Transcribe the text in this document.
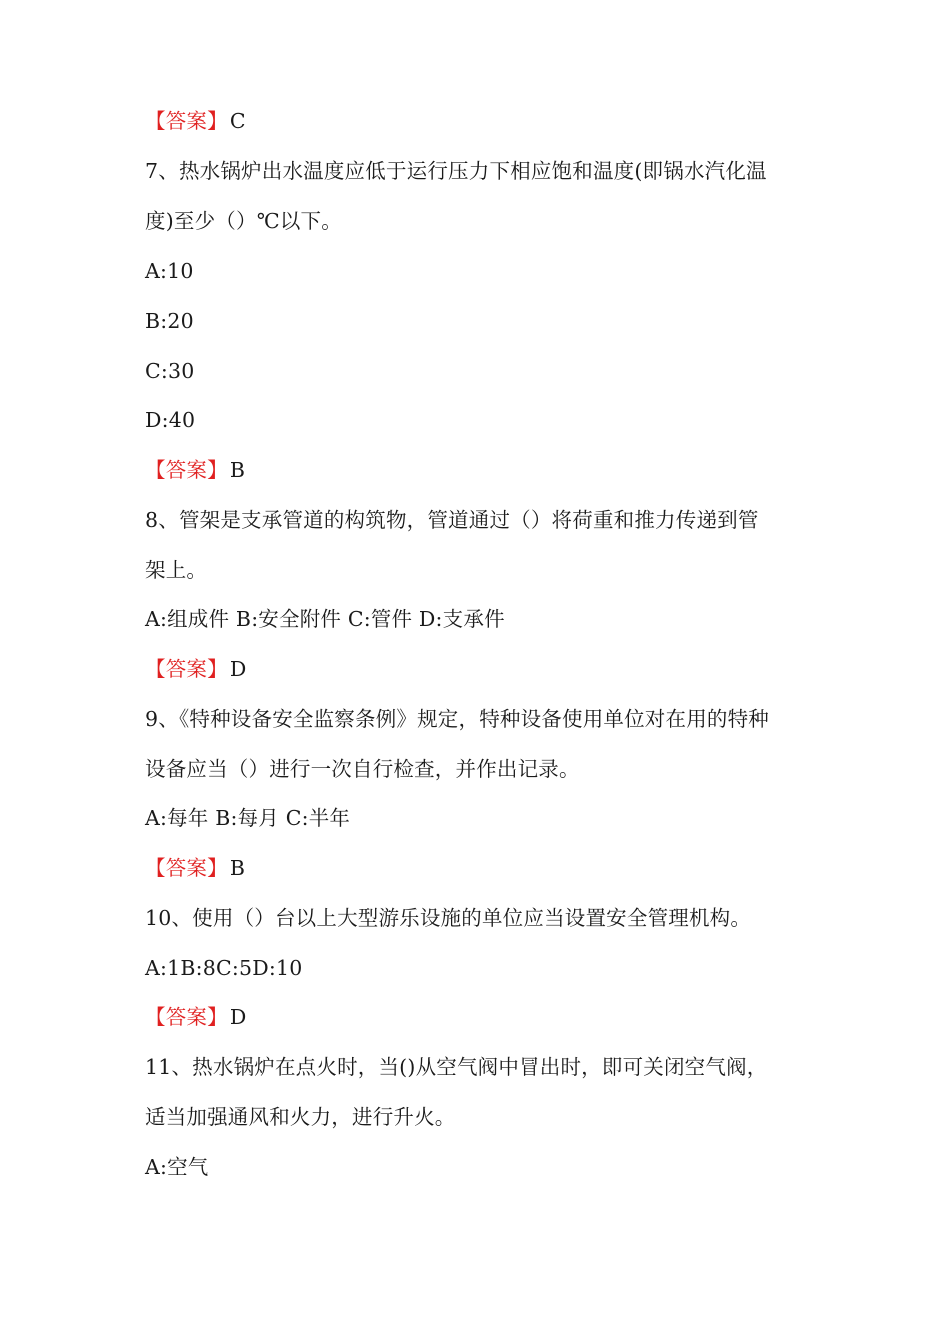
【答案】C
7、热水锅炉出水温度应低于运行压力下相应饱和温度(即锅水汽化温
度)至少（）℃以下。
A:10
B:20
C:30
D:40
【答案】B
8、管架是支承管道的构筑物，管道通过（）将荷重和推力传递到管
架上。
A:组成件 B:安全附件 C:管件 D:支承件
【答案】D
9、《特种设备安全监察条例》规定，特种设备使用单位对在用的特种
设备应当（）进行一次自行检查，并作出记录。
A:每年 B:每月 C:半年
【答案】B
10、使用（）台以上大型游乐设施的单位应当设置安全管理机构。
A:1B:8C:5D:10
【答案】D
11、热水锅炉在点火时，当()从空气阀中冒出时，即可关闭空气阀，
适当加强通风和火力，进行升火。
A:空气
